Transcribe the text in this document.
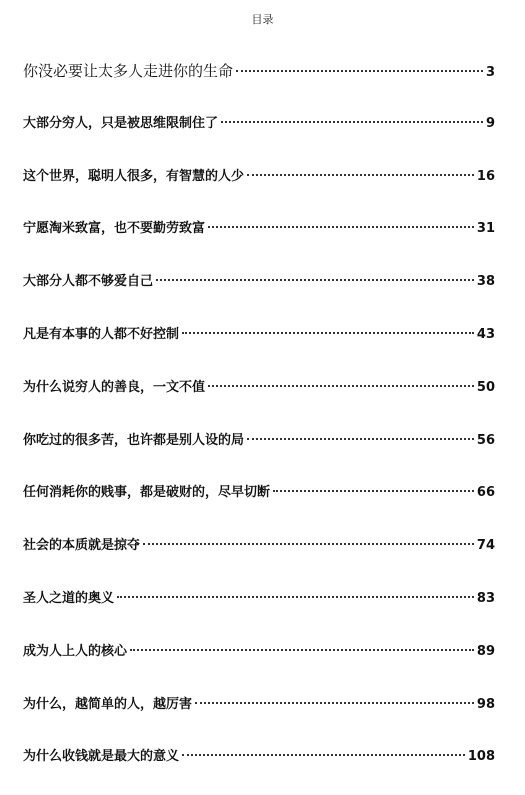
目录
你没必要让太多人走进你的生命	3
大部分穷人，只是被思维限制住了	9
这个世界，聪明人很多，有智慧的人少	16
宁愿淘米致富，也不要勤劳致富	31
大部分人都不够爱自己	38
凡是有本事的人都不好控制	43
为什么说穷人的善良，一文不值	50
你吃过的很多苦，也许都是别人设的局	56
任何消耗你的贱事，都是破财的，尽早切断	66
社会的本质就是掠夺	74
圣人之道的奥义	83
成为人上人的核心	89
为什么，越简单的人，越厉害	98
为什么收钱就是最大的意义	108
